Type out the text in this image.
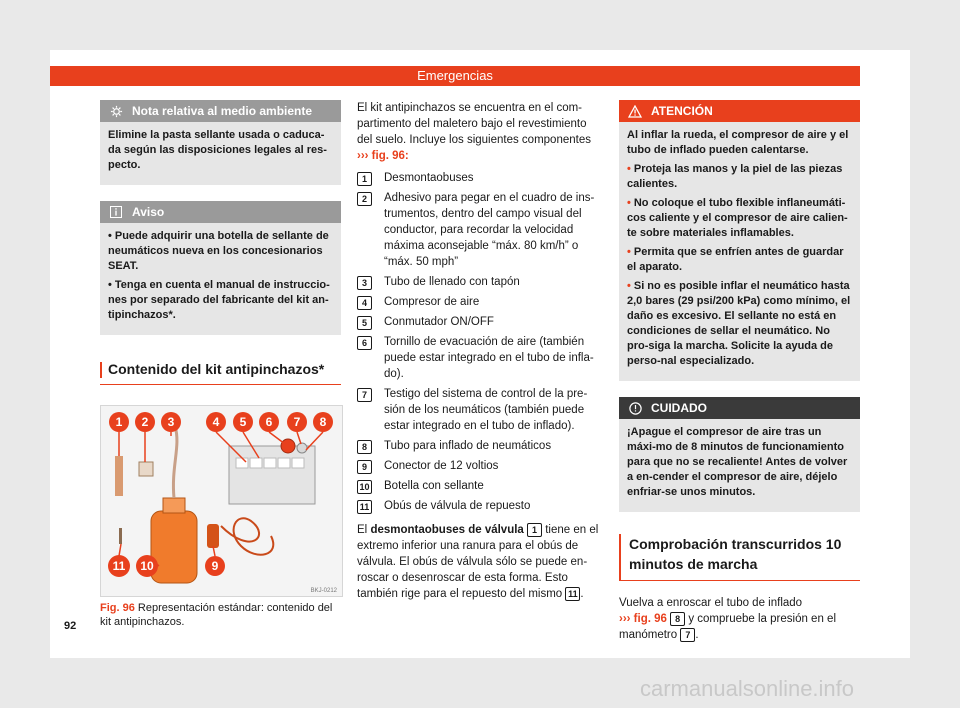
Emergencias
Nota relativa al medio ambiente

Elimine la pasta sellante usada o caduca-da según las disposiciones legales al res-pecto.

Aviso

• Puede adquirir una botella de sellante de neumáticos nueva en los concesionarios SEAT.

• Tenga en cuenta el manual de instruccio-nes por separado del fabricante del kit an-tipinchazos*.

Contenido del kit antipinchazos*
1 2 3	4 5 6 7 8
11 10	9
BKJ-0212
Fig. 96 Representación estándar: contenido del kit antipinchazos.

El kit antipinchazos se encuentra en el com-partimento del maletero bajo el revestimiento del suelo. Incluye los siguientes componentes
››› fig. 96:

1	Desmontaobuses
2	Adhesivo para pegar en el cuadro de ins-trumentos, dentro del campo visual del conductor, para recordar la velocidad máxima aconsejable “máx. 80 km/h” o “máx. 50 mph”
3	Tubo de llenado con tapón
4	Compresor de aire
5	Conmutador ON/OFF
6	Tornillo de evacuación de aire (también puede estar integrado en el tubo de infla-do).
7	Testigo del sistema de control de la pre-sión de los neumáticos (también puede estar integrado en el tubo de inflado).
8	Tubo para inflado de neumáticos
9	Conector de 12 voltios
10 Botella con sellante
11 Obús de válvula de repuesto

El desmontaobuses de válvula 1 tiene en el extremo inferior una ranura para el obús de válvula. El obús de válvula sólo se puede en-roscar o desenroscar de esta forma. Esto también rige para el repuesto del mismo 11 .

ATENCIÓN

Al inflar la rueda, el compresor de aire y el tubo de inflado pueden calentarse.

• Proteja las manos y la piel de las piezas calientes.

• No coloque el tubo flexible inflaneumáti-cos caliente y el compresor de aire calien-te sobre materiales inflamables.

• Permita que se enfríen antes de guardar el aparato.

• Si no es posible inflar el neumático hasta 2,0 bares (29 psi/200 kPa) como mínimo, el daño es excesivo. El sellante no está en condiciones de sellar el neumático. No pro-siga la marcha. Solicite la ayuda de perso-nal especializado.

CUIDADO

¡Apague el compresor de aire tras un máxi-mo de 8 minutos de funcionamiento para que no se recaliente! Antes de volver a en-cender el compresor de aire, déjelo enfriar-se unos minutos.

Comprobación transcurridos 10 minutos de marcha

Vuelva a enroscar el tubo de inflado
››› fig. 96 8 y compruebe la presión en el manómetro 7 .

92
carmanualsonline.info
